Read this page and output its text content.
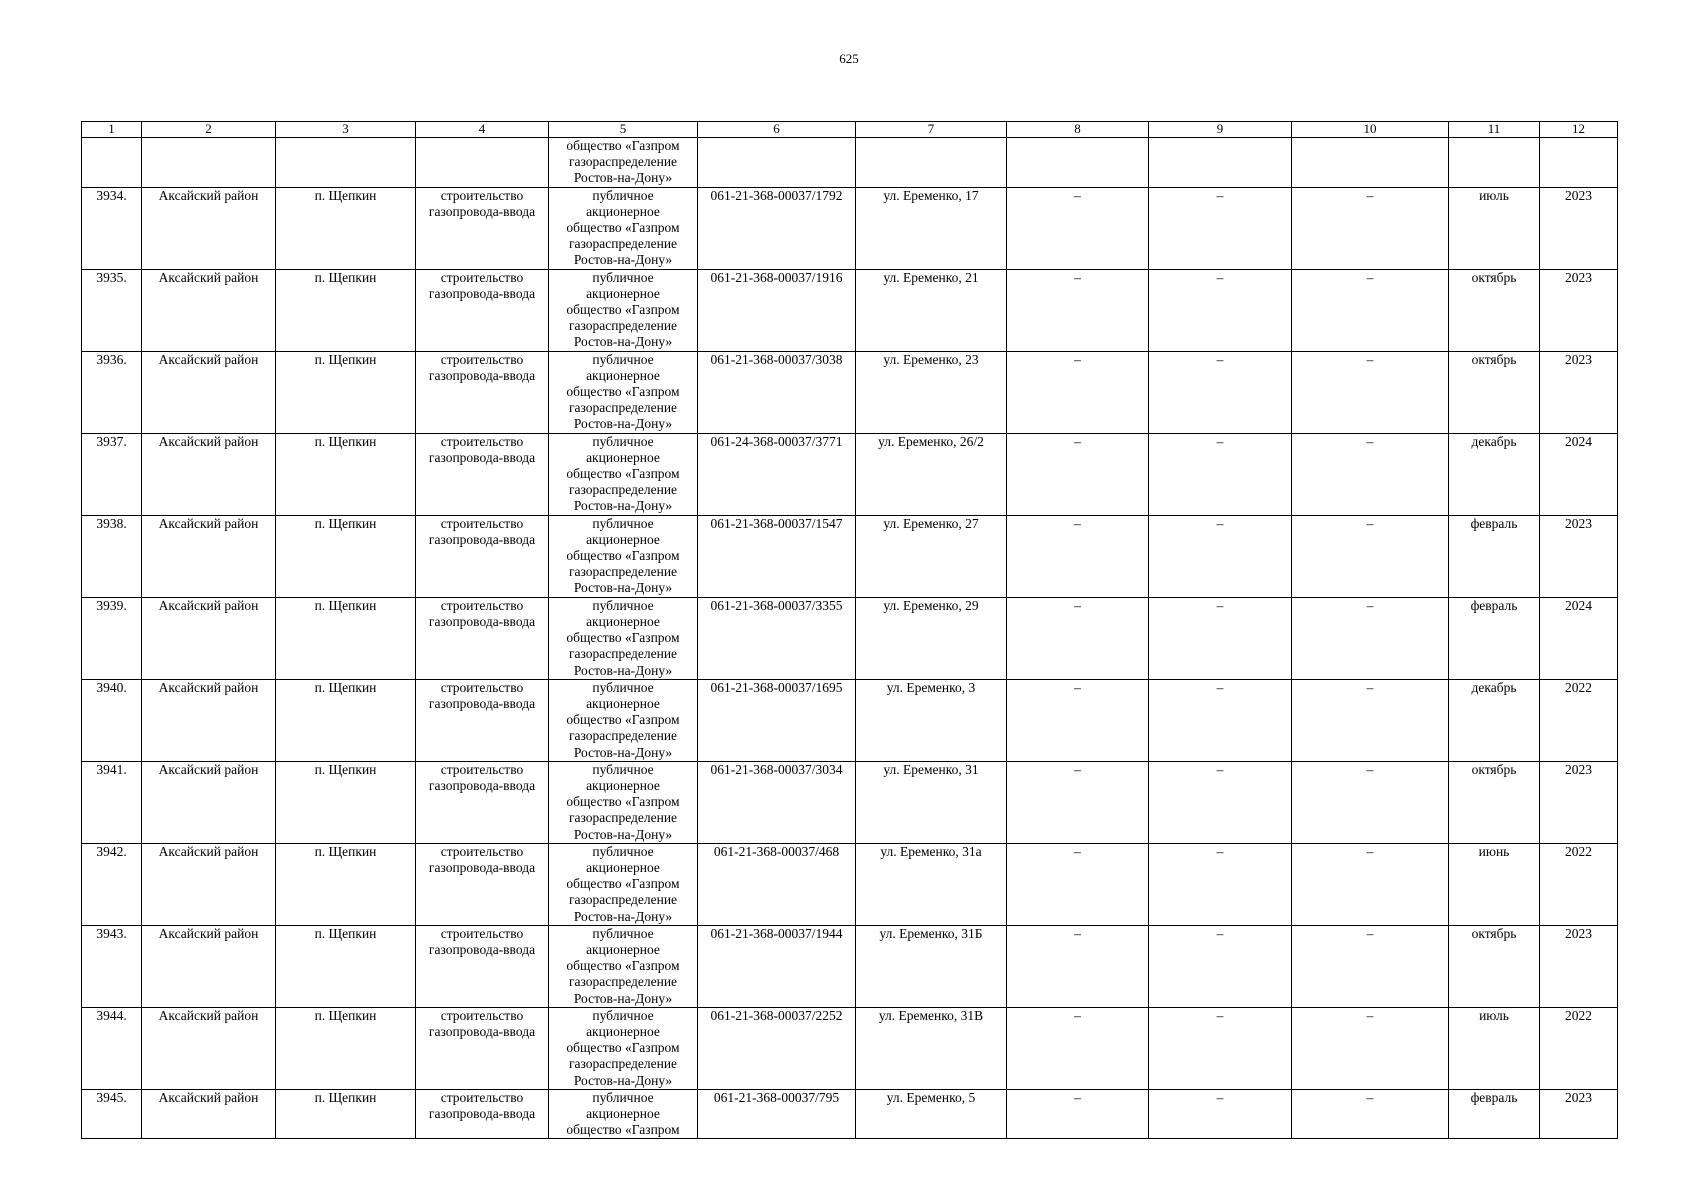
625
1	2	3	4	5	6	7	8	9	10	11	12
				общество «Газпром
газораспределение
Ростов-на-Дону»							
3934.	Аксайский район	п. Щепкин	строительство газопровода-ввода	публичное
акционерное
общество «Газпром
газораспределение
Ростов-на-Дону»	061-21-368-00037/1792	ул. Еременко, 17	–	–	–	июль	2023
3935.	Аксайский район	п. Щепкин	строительство газопровода-ввода	публичное
акционерное
общество «Газпром
газораспределение
Ростов-на-Дону»	061-21-368-00037/1916	ул. Еременко, 21	–	–	–	октябрь	2023
3936.	Аксайский район	п. Щепкин	строительство газопровода-ввода	публичное
акционерное
общество «Газпром
газораспределение
Ростов-на-Дону»	061-21-368-00037/3038	ул. Еременко, 23	–	–	–	октябрь	2023
3937.	Аксайский район	п. Щепкин	строительство газопровода-ввода	публичное
акционерное
общество «Газпром
газораспределение
Ростов-на-Дону»	061-24-368-00037/3771	ул. Еременко, 26/2	–	–	–	декабрь	2024
3938.	Аксайский район	п. Щепкин	строительство газопровода-ввода	публичное
акционерное
общество «Газпром
газораспределение
Ростов-на-Дону»	061-21-368-00037/1547	ул. Еременко, 27	–	–	–	февраль	2023
3939.	Аксайский район	п. Щепкин	строительство газопровода-ввода	публичное
акционерное
общество «Газпром
газораспределение
Ростов-на-Дону»	061-21-368-00037/3355	ул. Еременко, 29	–	–	–	февраль	2024
3940.	Аксайский район	п. Щепкин	строительство газопровода-ввода	публичное
акционерное
общество «Газпром
газораспределение
Ростов-на-Дону»	061-21-368-00037/1695	ул. Еременко, 3	–	–	–	декабрь	2022
3941.	Аксайский район	п. Щепкин	строительство газопровода-ввода	публичное
акционерное
общество «Газпром
газораспределение
Ростов-на-Дону»	061-21-368-00037/3034	ул. Еременко, 31	–	–	–	октябрь	2023
3942.	Аксайский район	п. Щепкин	строительство газопровода-ввода	публичное
акционерное
общество «Газпром
газораспределение
Ростов-на-Дону»	061-21-368-00037/468	ул. Еременко, 31а	–	–	–	июнь	2022
3943.	Аксайский район	п. Щепкин	строительство газопровода-ввода	публичное
акционерное
общество «Газпром
газораспределение
Ростов-на-Дону»	061-21-368-00037/1944	ул. Еременко, 31Б	–	–	–	октябрь	2023
3944.	Аксайский район	п. Щепкин	строительство газопровода-ввода	публичное
акционерное
общество «Газпром
газораспределение
Ростов-на-Дону»	061-21-368-00037/2252	ул. Еременко, 31В	–	–	–	июль	2022
3945.	Аксайский район	п. Щепкин	строительство газопровода-ввода	публичное
акционерное
общество «Газпром	061-21-368-00037/795	ул. Еременко, 5	–	–	–	февраль	2023
